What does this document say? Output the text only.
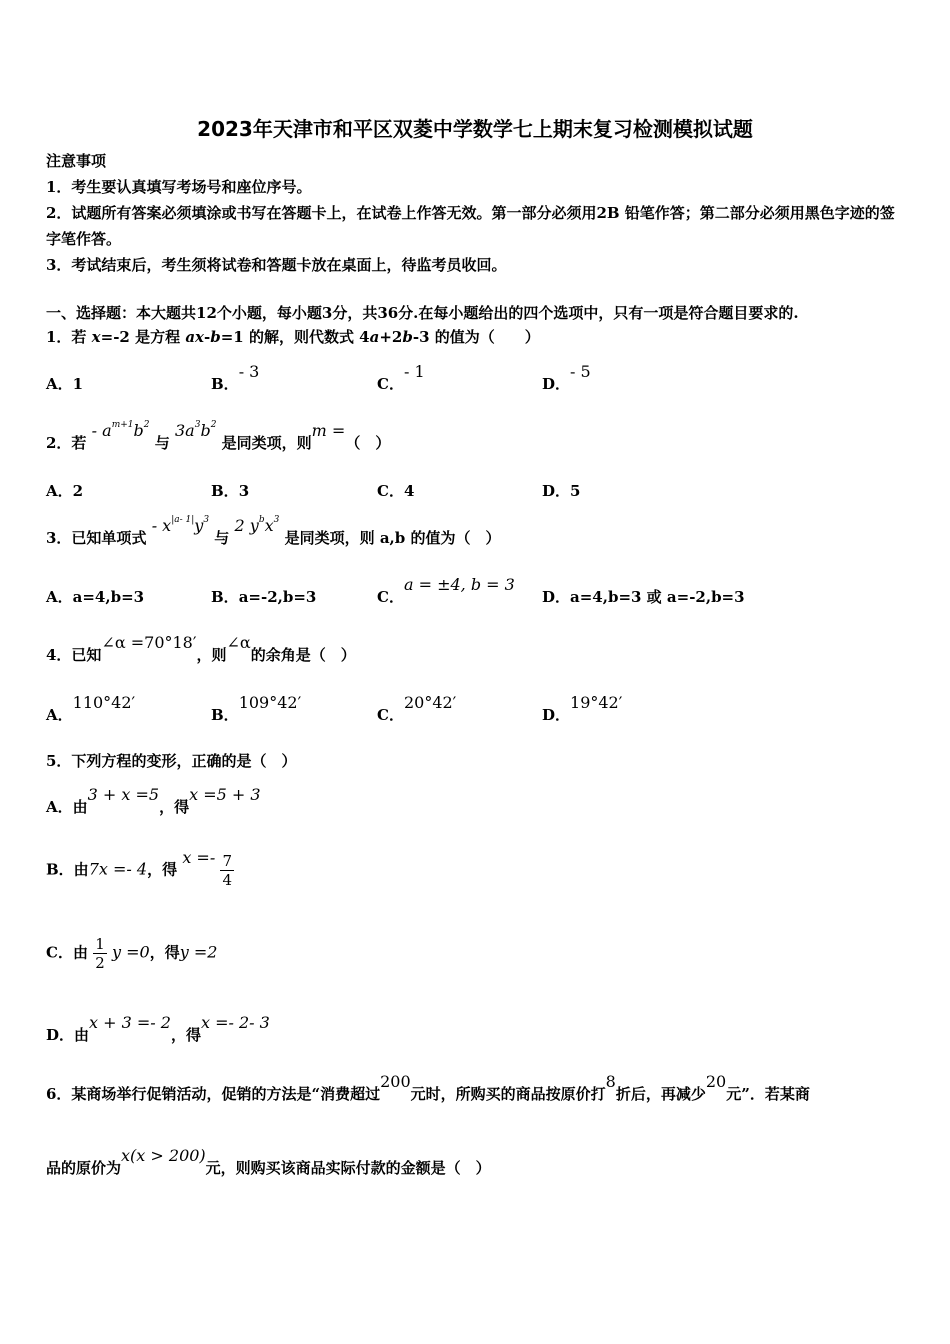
2023年天津市和平区双菱中学数学七上期末复习检测模拟试题
注意事项
1．考生要认真填写考场号和座位序号。
2．试题所有答案必须填涂或书写在答题卡上，在试卷上作答无效。第一部分必须用2B 铅笔作答；第二部分必须用黑色字迹的签字笔作答。
3．考试结束后，考生须将试卷和答题卡放在桌面上，待监考员收回。
一、选择题：本大题共12个小题，每小题3分，共36分.在每小题给出的四个选项中，只有一项是符合题目要求的.
1．若 x=-2 是方程 ax-b=1 的解，则代数式 4a+2b-3 的值为（　　）
A．1	B．- 3
C．- 1
D．- 5
2．若 - $a^{m+1}b^2$ 与 $3a^3b^2$ 是同类项，则m =（　）
A．2	B．3	C．4	D．5
3．已知单项式 - $x^{|a- 1|}y^3$ 与 2 $y^bx^3$ 是同类项，则 a,b 的值为（　）
A．a=4,b=3	B．a=-2,b=3	C．a = ±4, b = 3
D．a=4,b=3 或 a=-2,b=3
4．已知∠α =70°18′，则∠α的余角是（　）
A．110°42′
B．109°42′
C．20°42′
D．19°42′
5．下列方程的变形，正确的是（　）
A．由3 + x =5，得x =5 + 3
B．由7x =- 4，得 $x =- \frac{7}{4}$
C．由 $\frac{1}{2}$ y =0，得y =2
D．由x + 3 =- 2，得x =- 2- 3
6．某商场举行促销活动，促销的方法是“消费超过200元时，所购买的商品按原价打8折后，再减少20元”．若某商
品的原价为x(x > 200)元，则购买该商品实际付款的金额是（　）
